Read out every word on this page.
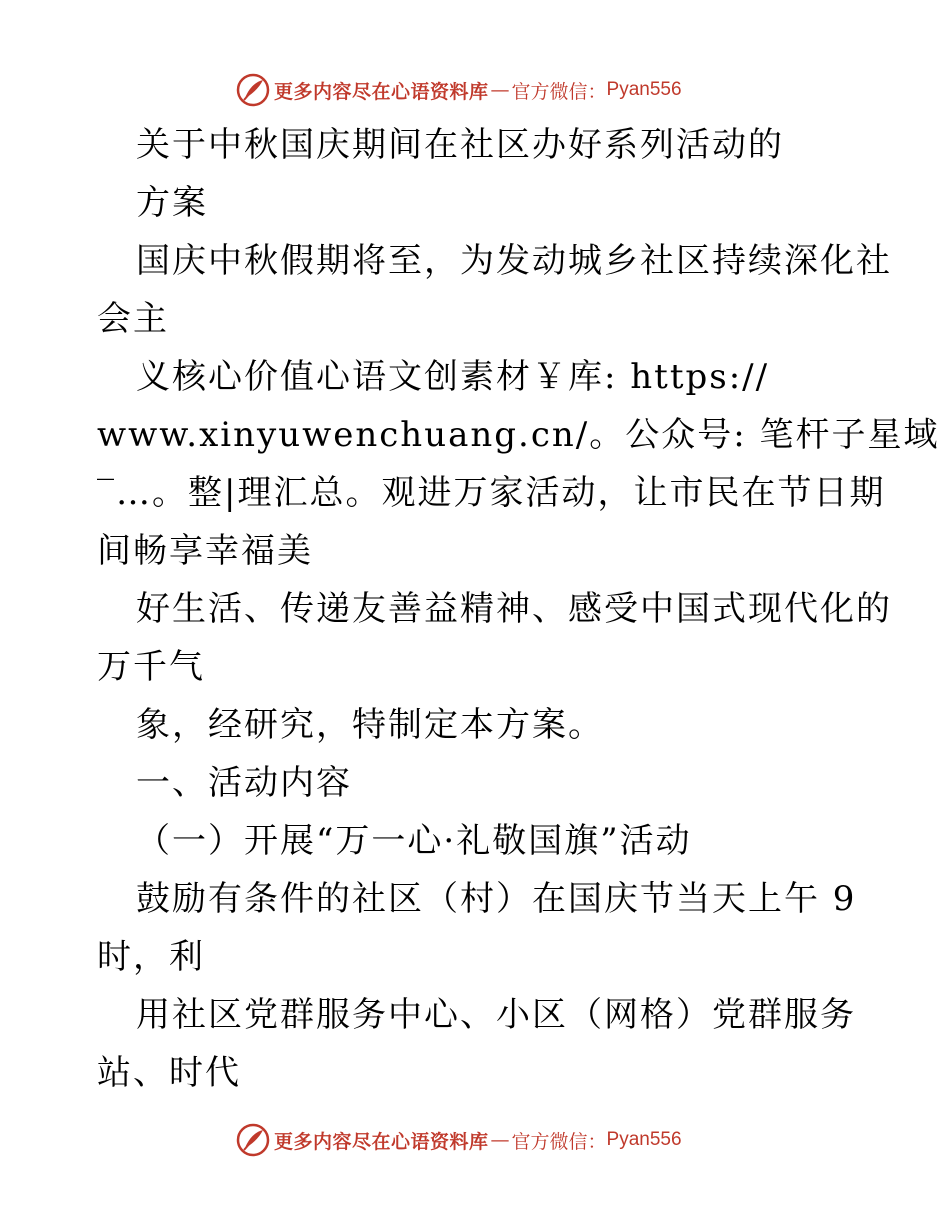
更多内容尽在心语资料库 — 官方微信： Pyan556
关于中秋国庆期间在社区办好系列活动的
方案
国庆中秋假期将至，为发动城乡社区持续深化社
会主
义核心价值心语文创素材￥库: https://
www.xinyuwenchuang.cn/。公众号: 笔杆子星域
‾…。整|理汇总。观进万家活动，让市民在节日期
间畅享幸福美
好生活、传递友善益精神、感受中国式现代化的
万千气
象，经研究，特制定本方案。
一、活动内容
（一）开展“万一心·礼敬国旗”活动
鼓励有条件的社区（村）在国庆节当天上午 9
时，利
用社区党群服务中心、小区（网格）党群服务
站、时代
更多内容尽在心语资料库 — 官方微信： Pyan556
